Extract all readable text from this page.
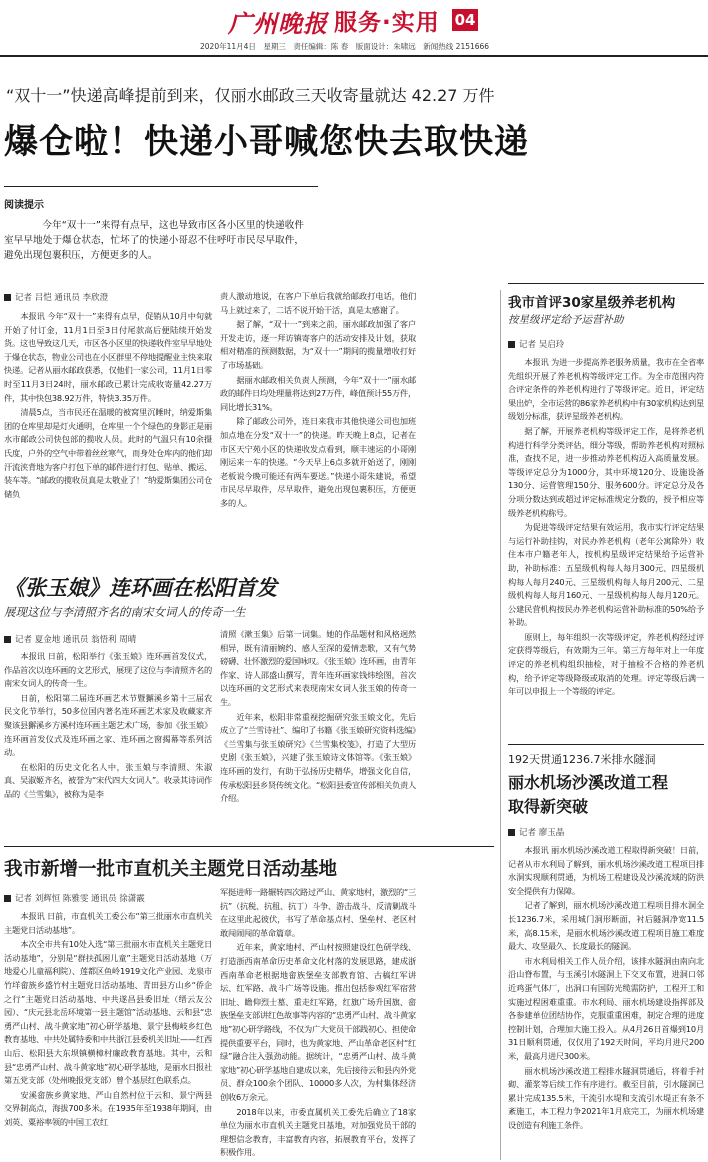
广州晚报 服务·实用 04
2020年11月4日　星期三　责任编辑：陈 春　版面设计：朱啸远　新闻热线 2151666
“双十一”快递高峰提前到来，仅丽水邮政三天收寄量就达 42.27 万件
爆仓啦！快递小哥喊您快去取快递
阅读提示
今年“双十一”来得有点早，这也导致市区各小区里的快递收件室早早地处于爆仓状态，忙坏了的快递小哥忍不住呼吁市民尽早取件，避免出现包裹积压，方便更多的人。
记者 吕恺 通讯员 李欣澄

本报讯 今年“双十一”来得有点早，促销从10月中旬就开始了付订金，11月1日至3日付尾款高后便陆续开始发货。这也导致这几天，市区各小区里的快递收件室早早地处于爆仓状态，物业公司也在小区群里不停地提醒业主快来取快递。记者从丽水邮政获悉，仅他们一家公司，11月1日零时至11月3日24时，丽水邮政已累计完成收寄量42.27万件，其中快包38.92万件，特快3.35万件。

清晨5点，当市民还在温暖的被窝里沉睡时，纳爱斯集团的仓库里却是灯火通明，仓库里一个个绿色的身影正是丽水市邮政公司快包部的揽收人员。此时的气温只有10余摄氏度，户外的空气中带着丝丝寒气，而身处仓库内的他们却汗流浃背地为客户打包下单的邮件进行打包、贴单、搬运、装车等。“邮政的揽收员真是太敬业了！”纳爱斯集团公司仓储负

责人激动地说，在客户下单后我就给邮政打电话，他们马上就过来了，二话不说开始干活，真是太感谢了。

据了解，“双十一”到来之前，丽水邮政加强了客户开发走访，逐一拜访镇寄客户的活动安排及计划，获取相对精准的预测数据，为“双十一”期间的揽量增收打好了市场基础。

据丽水邮政相关负责人预测，今年“双十一”丽水邮政的邮件日均处理量将达到27万件，峰值预计55万件，同比增长31%。

除了邮政公司外，连日来我市其他快递公司也加班加点地在分发“双十一”的快递。昨天晚上8点，记者在市区天宁苑小区的快递收发点看到，顺丰速运的小哥刚刚运来一车的快递。“今天早上6点多就开始送了，刚刚老板说今晚可能还有两车要送。”快递小哥朱建说，希望市民尽早取件，尽早取件，避免出现包裹积压，方便更多的人。

《张玉娘》连环画在松阳首发
展现这位与李清照齐名的南宋女词人的传奇一生
记者 夏金地 通讯员 翁悟利 周晴

本报讯 日前，松阳举行《张玉娘》连环画首发仪式，作品首次以连环画的文艺形式，展现了这位与李清照齐名的南宋女词人的传奇一生。

日前，松阳第二届连环画艺术节暨獬溪乡第十三届农民文化节举行，50多位国内著名连环画艺术家及收藏家齐聚该县獬溪乡方溪村连环画主题艺术广场，参加《张玉娘》连环画首发仪式及连环画之家、连环画之窗揭幕等系列活动。

在松阳的历史文化名人中，张玉娘与李清照、朱淑真、吴淑姬齐名，被誉为“宋代四大女词人”。收录其诗词作品的《兰雪集》，被称为是李

清照《漱玉集》后第一词集。她的作品题材和风格迥然相异，既有清丽婉约、感人至深的爱情悲歌，又有气势磅礴、壮怀激烈的爱国咏叹。《张玉娘》连环画，由青年作家、诗人邵盛山撰写，青年连环画家钱炜绘图，首次以连环画的文艺形式来表现南宋女词人张玉娘的传奇一生。

近年来，松阳非常重视挖掘研究张玉娘文化，先后成立了“兰雪诗社”、编印了书籍《张玉娘研究资料选编》《兰雪集与张玉娘研究》《兰雪集校笺》，打造了大型历史剧《张玉娘》，兴建了张玉娘诗文体馆等。《张玉娘》连环画的发行，有助于弘扬历史精华，增强文化自信，传承松阳县乡贤传统文化。“松阳县委宣传部相关负责人介绍。

我市新增一批市直机关主题党日活动基地
记者 刘辉恒 陈雅雯 通讯员 徐潇霰

本报讯 日前，市直机关工委公布“第三批丽水市直机关主题党日活动基地”。

本次全市共有10处入选“第三批丽水市直机关主题党日活动基地”，分别是“群扶孤困儿童”主题党日活动基地（万地爱心儿童福利院）、莲都区鱼岭1919文化产业园、龙泉市竹垟畲族乡盛竹村主题党日活动基地、青田县方山乡“侨企之行”主题党日活动基地、中共遂昌县委旧址（缙云友公园）、“庆元县北岳环境第一县主题馆”活动基地、云和县“忠勇严山村、战斗黄家地”初心研学基地、景宁县梅岐乡红色教育基地、中共处属特委和中共浙江县委机关旧址——红西山后、松阳县大东坝镇横樟村廉政教育基地。其中，云和县“忠勇严山村、战斗黄家地”初心研学基地，是丽水日报社第五党支部（处州晚报党支部）曾个基层红色联系点。

安溪畲族乡黄家地、严山自然村位于云和、景宁两县交界制高点，海拔700多米。在1935年至1938年期间，由刘英、粟裕率领的中国工农红

军挺进师一路辗转四次路过严山、黄家地村，激烈的“三抗”（抗税、抗租、抗丁）斗争、游击战斗、反清剿战斗在这里此起彼伏，书写了革命基点村、堡垒村、老区村敢闯闹闯的革命篇章。

近年来，黄家地村、严山村按照建设红色研学线、打造浙西南革命历史革命文化村落的发展思路，建成浙西南革命老根据地畲族堡垒支部教育馆、古稿红军讲坛、红军路、战斗广场等设施。推出包括参观红军宿营旧址、瞻仰烈士墓、重走红军路，红旗广场升国旗、畲族堡垒支部讲红色故事等内容的“忠勇严山村、战斗黄家地”初心研学路线，不仅为广大党员干部践初心、担使命提供重要平台，同时，也为黄家地、严山革命老区村“红绿”融合注入强劲动能。据统计，“忠勇严山村、战斗黄家地”初心研学基地自建成以来，先后接待云和县内外党员、群众100余个团队、10000多人次，为村集体经济创收6万余元。

2018年以来，市委直属机关工委先后确立了18家单位为丽水市直机关主题党日基地，对加强党员干部的理想信念教育，丰富教育内容，拓展教育平台，发挥了积极作用。

我市首评30家星级养老机构
按星级评定给予运营补助
记者 吴启玲

本报讯 为进一步提高养老服务质量，我市在全省率先组织开展了养老机构等级评定工作。为全市范围内符合评定条件的养老机构进行了等级评定。近日，评定结果出炉，全市运营的86家养老机构中有30家机构达到星级划分标准，获评星级养老机构。

据了解，开展养老机构等级评定工作，是将养老机构进行科学分类评估，细分等级，帮助养老机构对照标准，查找不足，进一步推动养老机构迈入高质量发展。等级评定总分为1000分，其中环境120分、设施设备130分、运营管理150分、服务600分。评定总分及各分项分数达到或超过评定标准规定分数的，授予相应等级养老机构称号。

为促进等级评定结果有效运用，我市实行评定结果与运行补助挂钩，对民办养老机构（老年公寓除外）收住本市户籍老年人，按机构星级评定结果给予运营补助，补助标准：五星级机构每人每月300元、四星级机构每人每月240元、三星级机构每人每月200元、二星级机构每人每月160元、一星级机构每人每月120元。公建民营机构按民办养老机构运营补助标准的50%给予补助。

原则上，每年组织一次等级评定，养老机构经过评定获得等级后，有效期为三年。第三方每年对上一年度评定的养老机构组织抽检，对于抽检不合格的养老机构，给予评定等级降级或取消的处理。评定等级后满一年可以申报上一个等级的评定。

192天贯通1236.7米排水隧洞
丽水机场沙溪改道工程
取得新突破
记者 廖玉晶

本报讯 丽水机场沙溪改道工程取得新突破！日前，记者从市水利局了解到，丽水机场沙溪改道工程项目排水洞实现顺利贯通，为机场工程建设及沙溪流域的防洪安全提供有力保障。

记者了解到，丽水机场沙溪改道工程项目排水洞全长1236.7米，采用城门洞形断面，衬后隧洞净宽11.5米，高8.15米，是丽水机场沙溪改道工程项目施工难度最大、攻坚最久、长度最长的隧洞。

市水利局相关工作人员介绍，该排水隧洞由南向北沿山脊布置，与玉溪引水隧洞上下交叉布置，进洞口邻近鸡蛋气体厂，出洞口有国防光缆需防护，工程开工和实施过程困难重重。市水利局、丽水机场建设指挥部及各参建单位团结协作，克服重重困难，制定合理的进度控制计划，合理加大施工投入。从4月26日首爆到10月31日顺利贯通，仅仅用了192天时间，平均月进尺200米，最高月进尺300米。

丽水机场沙溪改道工程排水隧洞贯通后，将着手衬砌、灌浆等后续工作有序进行。截至目前，引水隧洞已累计完成135.5米，干流引水堤和支流引水堤正有条不紊施工，本工程力争2021年1月底完工，为丽水机场建设创造有利施工条件。
